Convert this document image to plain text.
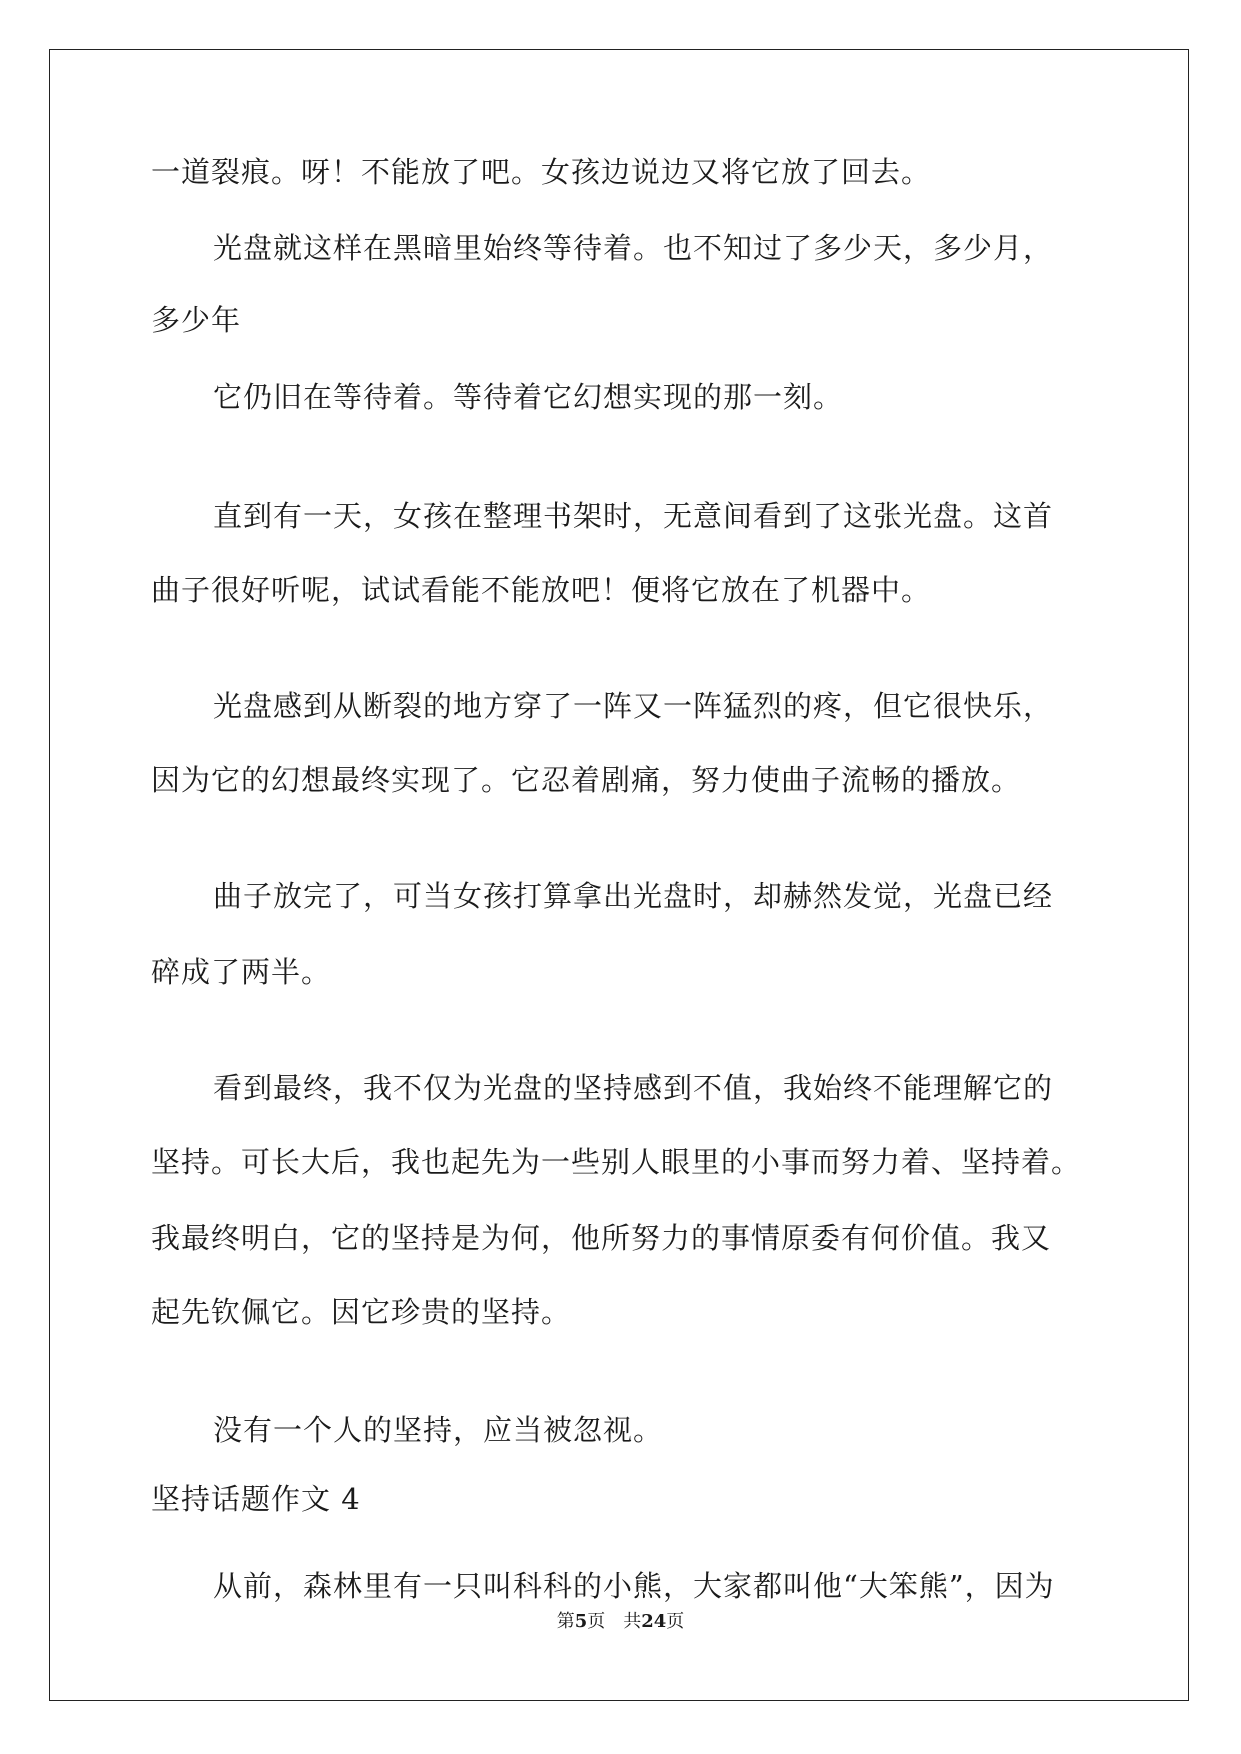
一道裂痕。呀！不能放了吧。女孩边说边又将它放了回去。
光盘就这样在黑暗里始终等待着。也不知过了多少天，多少月，
多少年
它仍旧在等待着。等待着它幻想实现的那一刻。
直到有一天，女孩在整理书架时，无意间看到了这张光盘。这首
曲子很好听呢，试试看能不能放吧！便将它放在了机器中。
光盘感到从断裂的地方穿了一阵又一阵猛烈的疼，但它很快乐，
因为它的幻想最终实现了。它忍着剧痛，努力使曲子流畅的播放。
曲子放完了，可当女孩打算拿出光盘时，却赫然发觉，光盘已经
碎成了两半。
看到最终，我不仅为光盘的坚持感到不值，我始终不能理解它的
坚持。可长大后，我也起先为一些别人眼里的小事而努力着、坚持着。
我最终明白，它的坚持是为何，他所努力的事情原委有何价值。我又
起先钦佩它。因它珍贵的坚持。
没有一个人的坚持，应当被忽视。
坚持话题作文 4
从前，森林里有一只叫科科的小熊，大家都叫他“大笨熊”，因为
第5页　共24页
